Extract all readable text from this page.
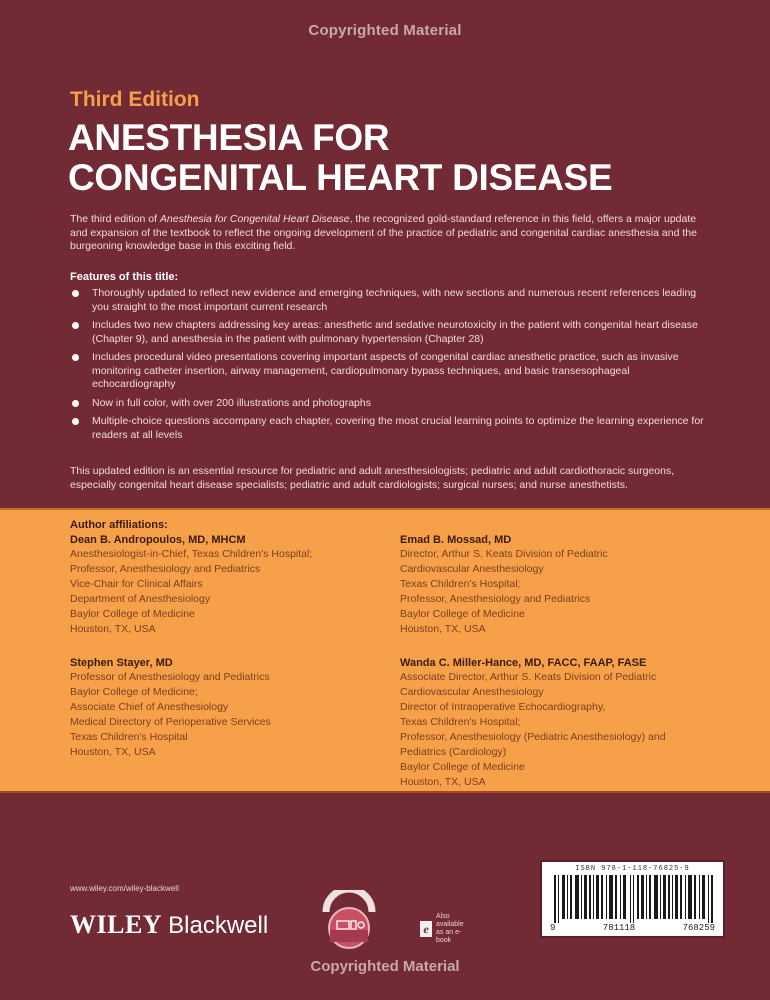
Copyrighted Material
Third Edition
ANESTHESIA FOR
CONGENITAL HEART DISEASE

The third edition of Anesthesia for Congenital Heart Disease, the recognized gold-standard reference in this field, offers a major update and expansion of the textbook to reflect the ongoing development of the practice of pediatric and congenital cardiac anesthesia and the burgeoning knowledge base in this exciting field.

Features of this title:
Thoroughly updated to reflect new evidence and emerging techniques, with new sections and numerous recent references leading you straight to the most important current research
Includes two new chapters addressing key areas: anesthetic and sedative neurotoxicity in the patient with congenital heart disease (Chapter 9), and anesthesia in the patient with pulmonary hypertension (Chapter 28)
Includes procedural video presentations covering important aspects of congenital cardiac anesthetic practice, such as invasive monitoring catheter insertion, airway management, cardiopulmonary bypass techniques, and basic transesophageal echocardiography
Now in full color, with over 200 illustrations and photographs
Multiple-choice questions accompany each chapter, covering the most crucial learning points to optimize the learning experience for readers at all levels

This updated edition is an essential resource for pediatric and adult anesthesiologists; pediatric and adult cardiothoracic surgeons, especially congenital heart disease specialists; pediatric and adult cardiologists; surgical nurses; and nurse anesthetists.

Author affiliations:
Dean B. Andropoulos, MD, MHCM
Anesthesiologist-in-Chief, Texas Children's Hospital;
Professor, Anesthesiology and Pediatrics
Vice-Chair for Clinical Affairs
Department of Anesthesiology
Baylor College of Medicine
Houston, TX, USA
Emad B. Mossad, MD
Director, Arthur S. Keats Division of Pediatric
Cardiovascular Anesthesiology
Texas Children's Hospital;
Professor, Anesthesiology and Pediatrics
Baylor College of Medicine
Houston, TX, USA
Stephen Stayer, MD
Professor of Anesthesiology and Pediatrics
Baylor College of Medicine;
Associate Chief of Anesthesiology
Medical Directory of Perioperative Services
Texas Children's Hospital
Houston, TX, USA
Wanda C. Miller-Hance, MD, FACC, FAAP, FASE
Associate Director, Arthur S. Keats Division of Pediatric
Cardiovascular Anesthesiology
Director of Intraoperative Echocardiography,
Texas Children's Hospital;
Professor, Anesthesiology (Pediatric Anesthesiology) and
Pediatrics (Cardiology)
Baylor College of Medicine
Houston, TX, USA
www.wiley.com/wiley-blackwell
WILEY Blackwell	e
Also available as an e-book
ISBN 978-1-118-76825-9
9	781118	768259
Copyrighted Material
